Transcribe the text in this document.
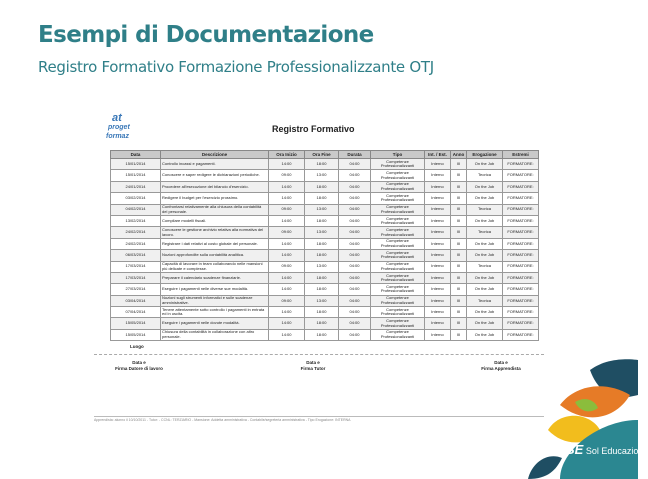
Esempi di Documentazione
Registro Formativo Formazione Professionalizzante OTJ
at
proget
formaz
Registro Formativo
Data	Descrizione	Ora Inizio	Ora Fine	Durata	Tipo	Int. / Est.	Anno	Erogazione	Estremi
15/01/2014	Controllo incassi e pagamenti.	14:00	18:00	04:00	Competenze Professionalizzanti	Interno	III	On the Job	FORMATORE:
15/01/2014	Conoscere e saper redigere le dichiarazioni periodiche.	09:00	13:00	04:00	Competenze Professionalizzanti	Interno	III	Teorica	FORMATORE:
24/01/2014	Procedere all'esecuzione del bilancio d'esercizio.	14:00	18:00	04:00	Competenze Professionalizzanti	Interno	III	On the Job	FORMATORE:
03/02/2014	Redigere il budget per l'esercizio prossimo.	14:00	18:00	04:00	Competenze Professionalizzanti	Interno	III	On the Job	FORMATORE:
04/02/2014	Confrontarsi relativamente alla chiusura della contabilità del personale.	09:00	13:00	04:00	Competenze Professionalizzanti	Interno	III	Teorica	FORMATORE:
13/02/2014	Compilare modelli fiscali.	14:00	18:00	04:00	Competenze Professionalizzanti	Interno	III	On the Job	FORMATORE:
24/02/2014	Conoscere le gestione archivio relativa alla normativa del lavoro.	09:00	13:00	04:00	Competenze Professionalizzanti	Interno	III	Teorica	FORMATORE:
24/02/2014	Registrare i dati relativi al costo globale del personale.	14:00	18:00	04:00	Competenze Professionalizzanti	Interno	III	On the Job	FORMATORE:
06/03/2014	Nozioni approfondite sulla contabilità analitica.	14:00	18:00	04:00	Competenze Professionalizzanti	Interno	III	On the Job	FORMATORE:
17/03/2014	Capacità di lavorare in team collaborando nelle mansioni più delicate e complesse.	09:00	13:00	04:00	Competenze Professionalizzanti	Interno	III	Teorica	FORMATORE:
17/03/2014	Preparare il calendario scadenze finanziarie.	14:00	18:00	04:00	Competenze Professionalizzanti	Interno	III	On the Job	FORMATORE:
27/03/2014	Eseguire i pagamenti nelle diverse sue modalità.	14:00	18:00	04:00	Competenze Professionalizzanti	Interno	III	On the Job	FORMATORE:
03/04/2014	Nozioni sugli strumenti informatici e sulle scadenze amministrative.	09:00	13:00	04:00	Competenze Professionalizzanti	Interno	III	Teorica	FORMATORE:
07/04/2014	Tenere attentamente sotto controllo i pagamenti in entrata ed in uscita.	14:00	18:00	04:00	Competenze Professionalizzanti	Interno	III	On the Job	FORMATORE:
15/05/2014	Eseguire i pagamenti nelle dovute modalità.	14:00	18:00	04:00	Competenze Professionalizzanti	Interno	III	On the Job	FORMATORE:
15/05/2014	Chiusura della contabilità in collaborazione con altro personale.	14:00	18:00	04:00	Competenze Professionalizzanti	Interno	III	On the Job	FORMATORE:
Luogo
Data e
Firma Datore di lavoro
Data e
Firma Tutor
Data e
Firma Apprendista
Apprendista: alunno il 10/10/2011 - Tutor: - CCNL: TERZIARIO - Mansione: Addetta amministrativa - Contabile/segreteria amministrativa - Tipo Erogazione: INTERNA
SE Sol Educazione
